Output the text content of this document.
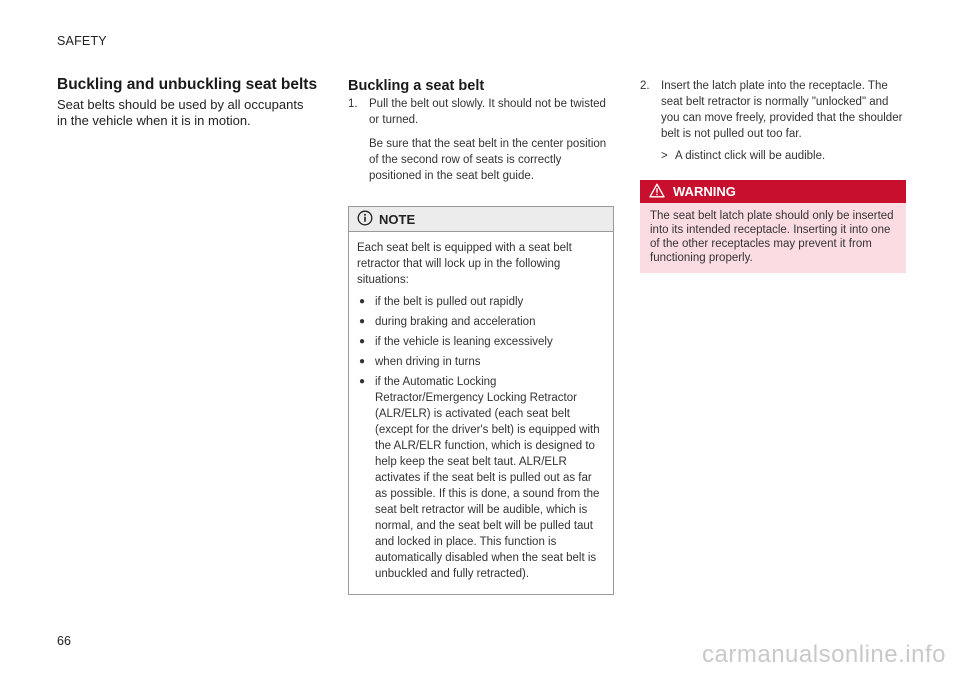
SAFETY
Buckling and unbuckling seat belts
Seat belts should be used by all occupants in the vehicle when it is in motion.
Buckling a seat belt
1. Pull the belt out slowly. It should not be twisted or turned.

Be sure that the seat belt in the center position of the second row of seats is correctly positioned in the seat belt guide.

NOTE

Each seat belt is equipped with a seat belt retractor that will lock up in the following situations:

● if the belt is pulled out rapidly
● during braking and acceleration
● if the vehicle is leaning excessively
● when driving in turns
● if the Automatic Locking Retractor/Emergency Locking Retractor (ALR/ELR) is activated (each seat belt (except for the driver's belt) is equipped with the ALR/ELR function, which is designed to help keep the seat belt taut. ALR/ELR activates if the seat belt is pulled out as far as possible. If this is done, a sound from the seat belt retractor will be audible, which is normal, and the seat belt will be pulled taut and locked in place. This function is automatically disabled when the seat belt is unbuckled and fully retracted).
2. Insert the latch plate into the receptacle. The seat belt retractor is normally "unlocked" and you can move freely, provided that the shoulder belt is not pulled out too far.
> A distinct click will be audible.
WARNING
The seat belt latch plate should only be inserted into its intended receptacle. Inserting it into one of the other receptacles may prevent it from functioning properly.
66	carmanualsonline.info
